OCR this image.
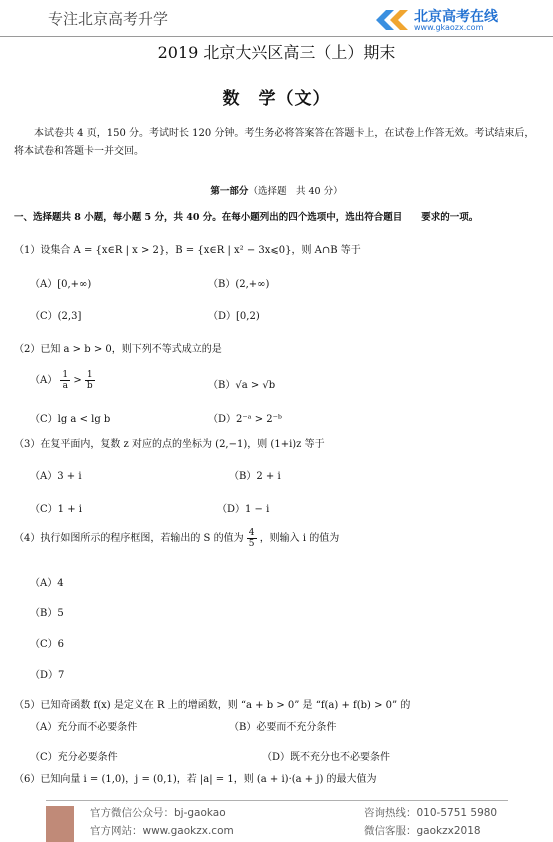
专注北京高考升学	北京高考在线
www.gkaozx.com
2019 北京大兴区高三（上）期末
数　学（文）
本试卷共 4 页，150 分。考试时长 120 分钟。考生务必将答案答在答题卡上，在试卷上作答无效。考试结束后，将本试卷和答题卡一并交回。
第一部分（选择题　共 40 分）
一、选择题共 8 小题，每小题 5 分，共 40 分。在每小题列出的四个选项中，选出符合题目　　要求的一项。
（1）设集合 A = {x∈R | x > 2}，B = {x∈R | x² − 3x⩽0}，则 A∩B 等于
（A）[0,+∞)	（B）(2,+∞)
（C）(2,3]	（D）[0,2)
（2）已知 a > b > 0，则下列不等式成立的是
$(A) \frac{1}{a} > \frac{1}{b}$	（B）√a > √b
（C）lg a < lg b	（D）2⁻ᵃ > 2⁻ᵇ
（3）在复平面内，复数 z 对应的点的坐标为 (2,−1)，则 (1+i)z 等于
（A）3 + i	（B）2 + i
（C）1 + i	（D）1 − i
（4）执行如图所示的程序框图，若输出的 S 的值为 $\frac{4}{5}$ ，则输入 i 的值为
（A）4
（B）5
（C）6
（D）7
（5）已知奇函数 f(x) 是定义在 R 上的增函数，则 “a + b > 0” 是 “f(a) + f(b) > 0” 的
（A）充分而不必要条件	（B）必要而不充分条件
（C）充分必要条件	（D）既不充分也不必要条件
（6）已知向量 i = (1,0)，j = (0,1)，若 |a| = 1，则 (a + i)·(a + j) 的最大值为
官方微信公众号：bj-gaokao	咨询热线：010-5751 5980
官方网站：www.gaokzx.com	微信客服：gaokzx2018
